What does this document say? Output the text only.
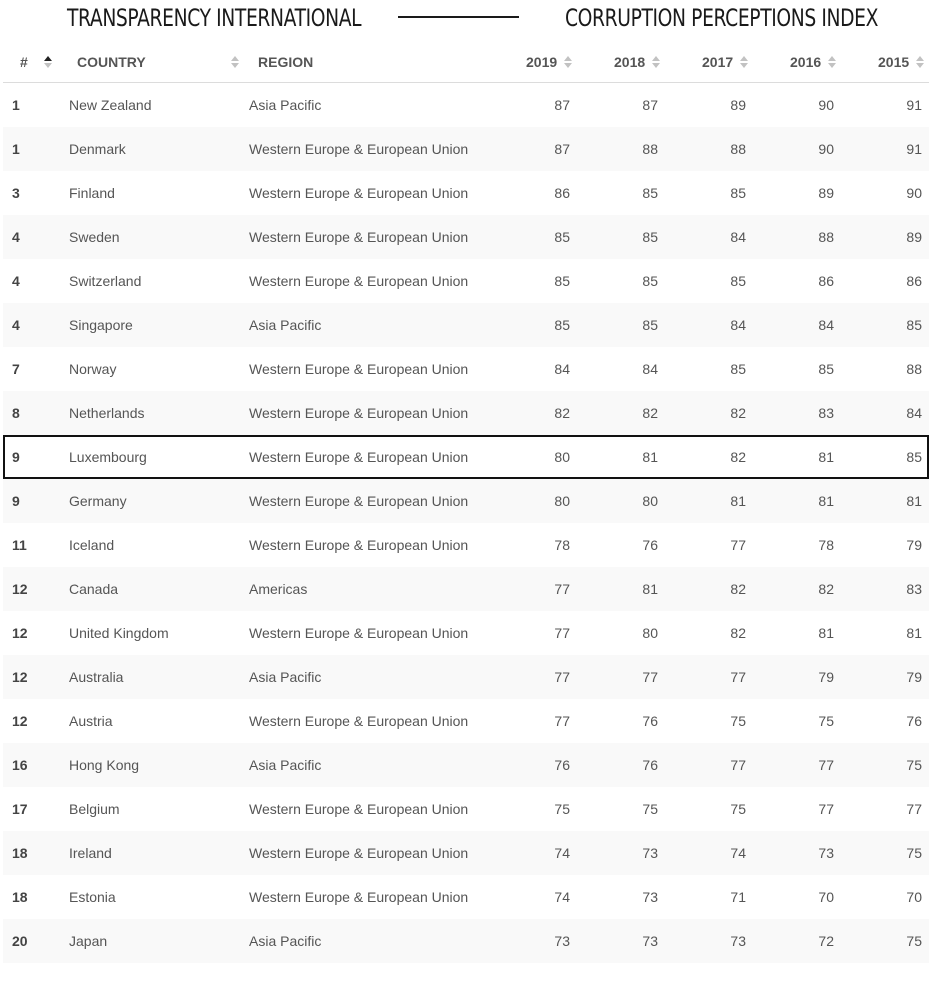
TRANSPARENCY INTERNATIONAL	CORRUPTION PERCEPTIONS INDEX
#	COUNTRY	REGION	2019	2018	2017	2016	2015
1	New Zealand	Asia Pacific	87	87	89	90	91
1	Denmark	Western Europe & European Union	87	88	88	90	91
3	Finland	Western Europe & European Union	86	85	85	89	90
4	Sweden	Western Europe & European Union	85	85	84	88	89
4	Switzerland	Western Europe & European Union	85	85	85	86	86
4	Singapore	Asia Pacific	85	85	84	84	85
7	Norway	Western Europe & European Union	84	84	85	85	88
8	Netherlands	Western Europe & European Union	82	82	82	83	84
9	Luxembourg	Western Europe & European Union	80	81	82	81	85
9	Germany	Western Europe & European Union	80	80	81	81	81
11	Iceland	Western Europe & European Union	78	76	77	78	79
12	Canada	Americas	77	81	82	82	83
12	United Kingdom	Western Europe & European Union	77	80	82	81	81
12	Australia	Asia Pacific	77	77	77	79	79
12	Austria	Western Europe & European Union	77	76	75	75	76
16	Hong Kong	Asia Pacific	76	76	77	77	75
17	Belgium	Western Europe & European Union	75	75	75	77	77
18	Ireland	Western Europe & European Union	74	73	74	73	75
18	Estonia	Western Europe & European Union	74	73	71	70	70
20	Japan	Asia Pacific	73	73	73	72	75
